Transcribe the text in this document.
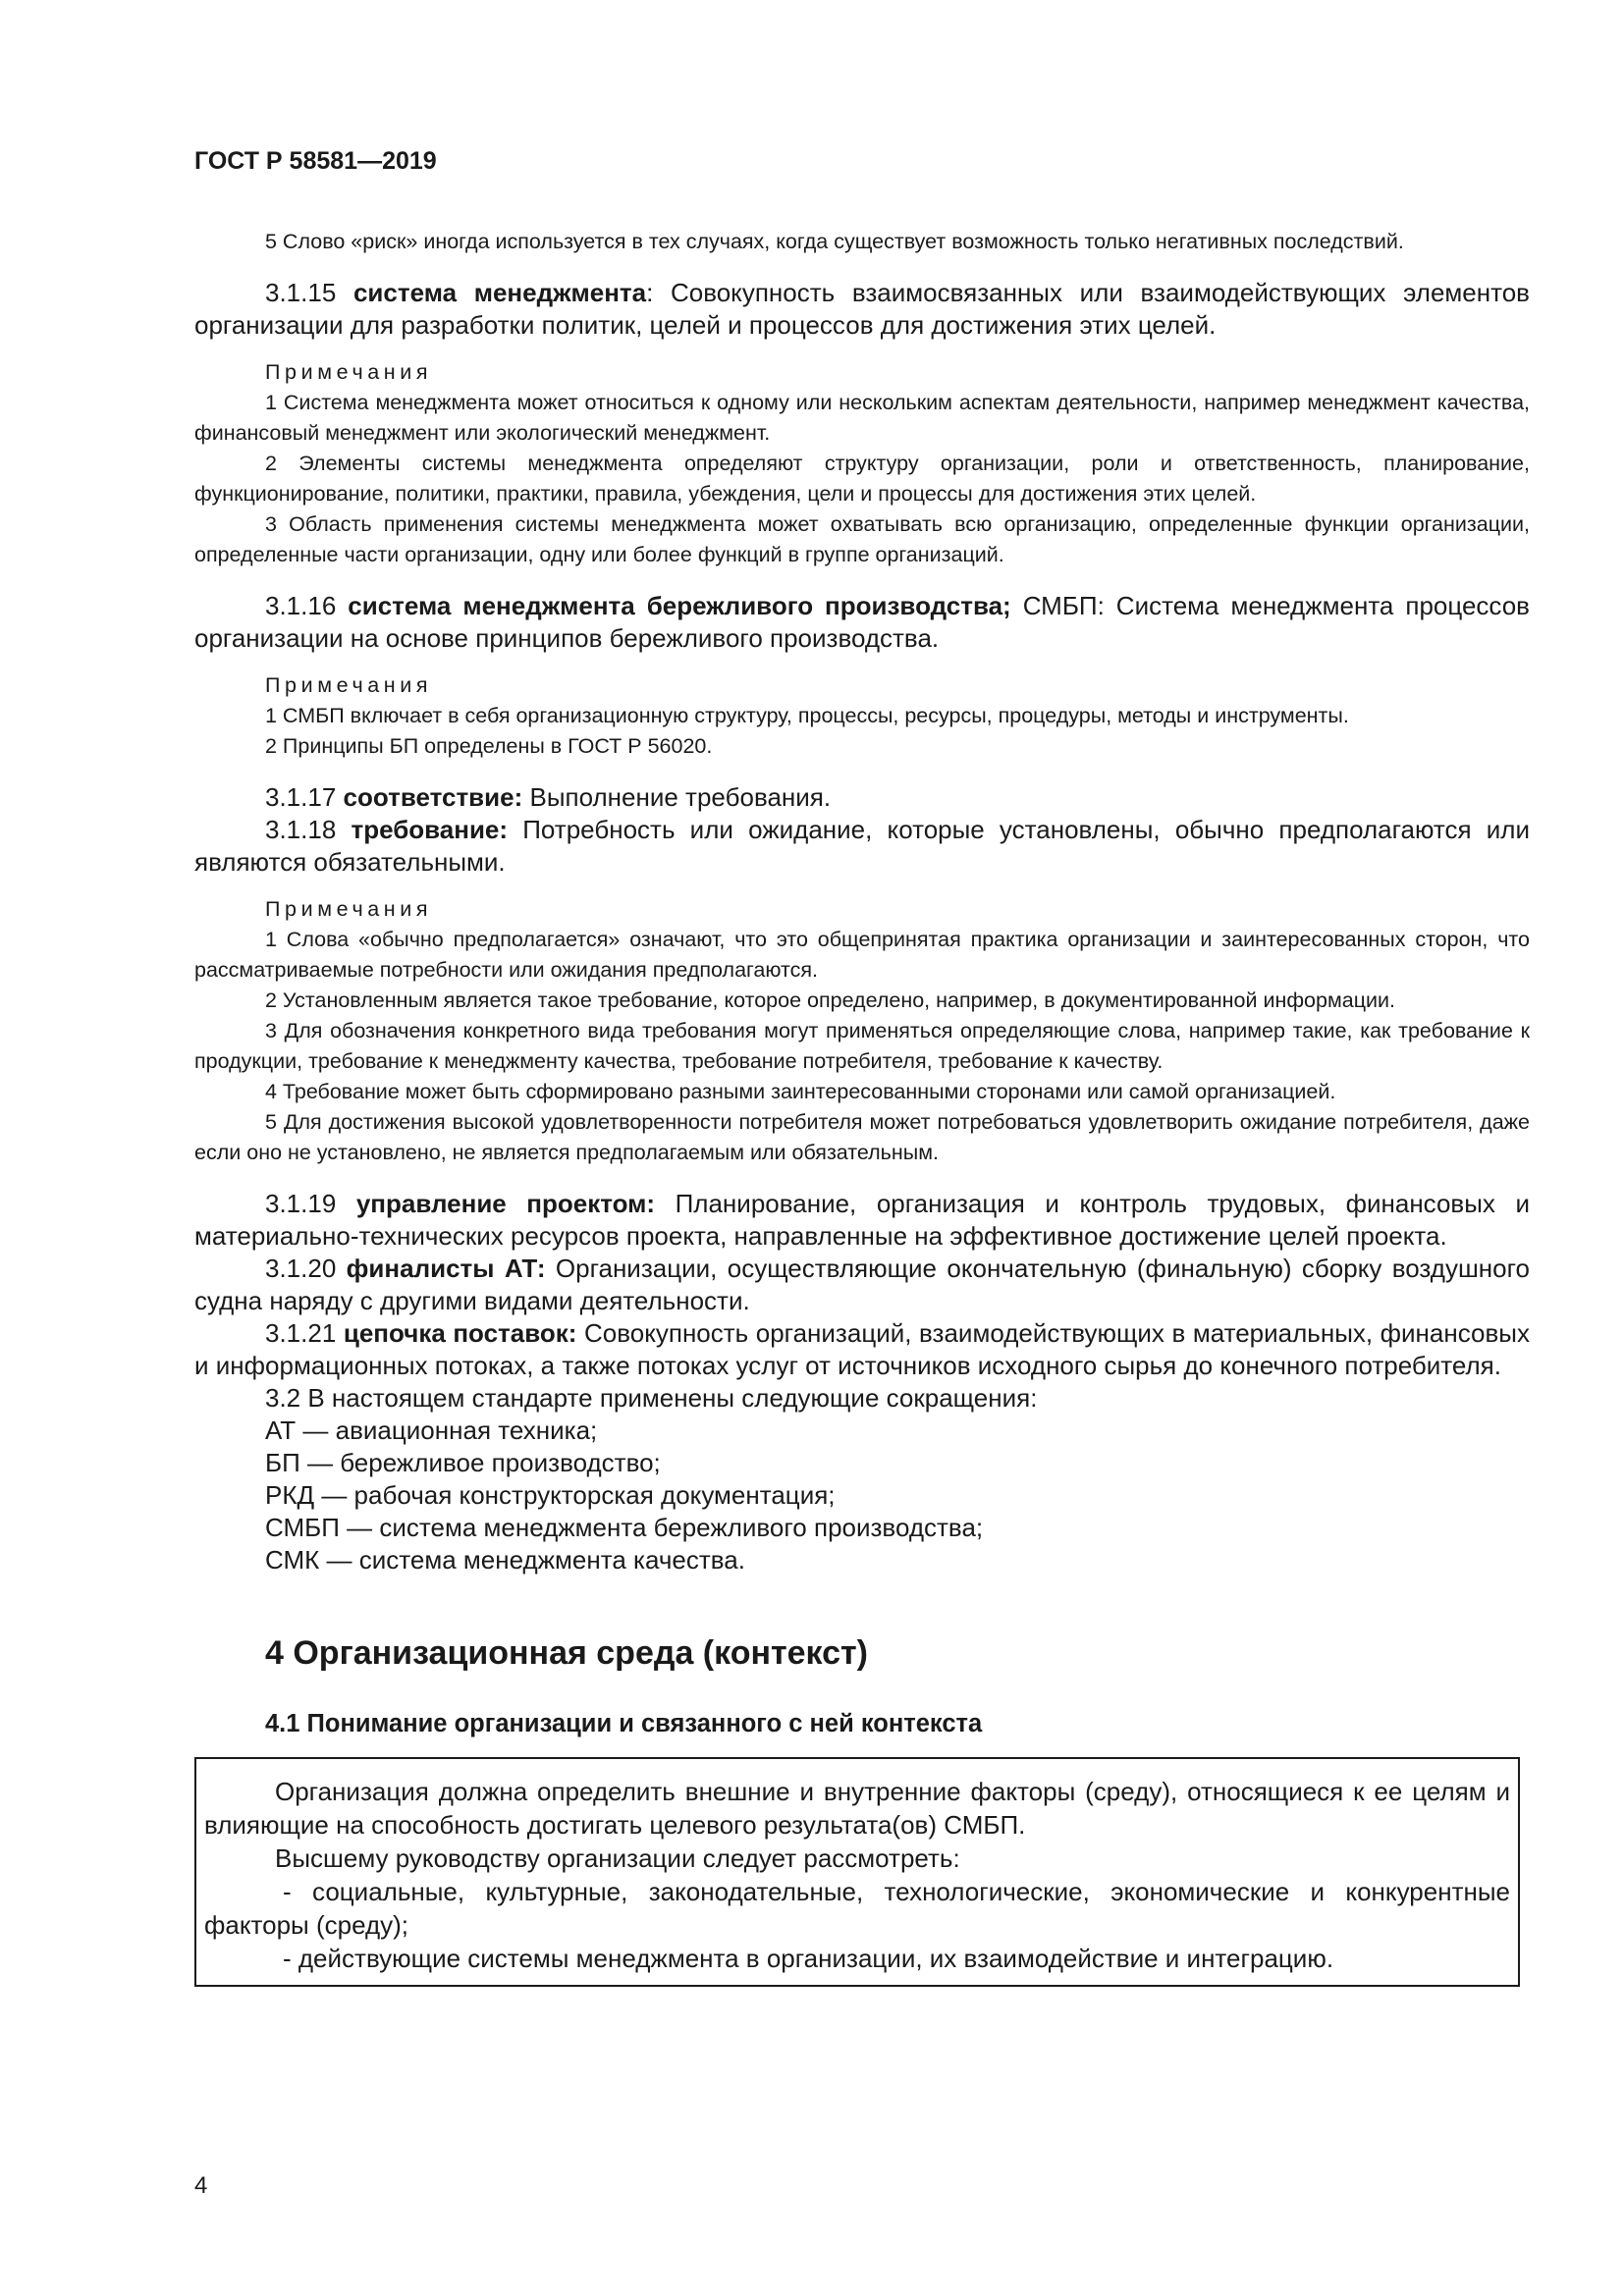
ГОСТ Р 58581—2019

5 Слово «риск» иногда используется в тех случаях, когда существует возможность только негативных последствий.

3.1.15 система менеджмента: Совокупность взаимосвязанных или взаимодействующих элементов организации для разработки политик, целей и процессов для достижения этих целей.

Примечания

1 Система менеджмента может относиться к одному или нескольким аспектам деятельности, например менеджмент качества, финансовый менеджмент или экологический менеджмент.

2 Элементы системы менеджмента определяют структуру организации, роли и ответственность, планирование, функционирование, политики, практики, правила, убеждения, цели и процессы для достижения этих целей.

3 Область применения системы менеджмента может охватывать всю организацию, определенные функции организации, определенные части организации, одну или более функций в группе организаций.

3.1.16 система менеджмента бережливого производства; СМБП: Система менеджмента процессов организации на основе принципов бережливого производства.

Примечания

1 СМБП включает в себя организационную структуру, процессы, ресурсы, процедуры, методы и инструменты.

2 Принципы БП определены в ГОСТ Р 56020.

3.1.17 соответствие: Выполнение требования.

3.1.18 требование: Потребность или ожидание, которые установлены, обычно предполагаются или являются обязательными.

Примечания

1 Слова «обычно предполагается» означают, что это общепринятая практика организации и заинтересованных сторон, что рассматриваемые потребности или ожидания предполагаются.

2 Установленным является такое требование, которое определено, например, в документированной информации.

3 Для обозначения конкретного вида требования могут применяться определяющие слова, например такие, как требование к продукции, требование к менеджменту качества, требование потребителя, требование к качеству.

4 Требование может быть сформировано разными заинтересованными сторонами или самой организацией.

5 Для достижения высокой удовлетворенности потребителя может потребоваться удовлетворить ожидание потребителя, даже если оно не установлено, не является предполагаемым или обязательным.

3.1.19 управление проектом: Планирование, организация и контроль трудовых, финансовых и материально-технических ресурсов проекта, направленные на эффективное достижение целей проекта.

3.1.20 финалисты АТ: Организации, осуществляющие окончательную (финальную) сборку воздушного судна наряду с другими видами деятельности.

3.1.21 цепочка поставок: Совокупность организаций, взаимодействующих в материальных, финансовых и информационных потоках, а также потоках услуг от источников исходного сырья до конечного потребителя.

3.2 В настоящем стандарте применены следующие сокращения:

АТ — авиационная техника;

БП — бережливое производство;

РКД — рабочая конструкторская документация;

СМБП — система менеджмента бережливого производства;

СМК — система менеджмента качества.

4 Организационная среда (контекст)
4.1 Понимание организации и связанного с ней контекста

Организация должна определить внешние и внутренние факторы (среду), относящиеся к ее целям и влияющие на способность достигать целевого результата(ов) СМБП.

Высшему руководству организации следует рассмотреть:

- социальные, культурные, законодательные, технологические, экономические и конкурентные факторы (среду);

- действующие системы менеджмента в организации, их взаимодействие и интеграцию.

4
